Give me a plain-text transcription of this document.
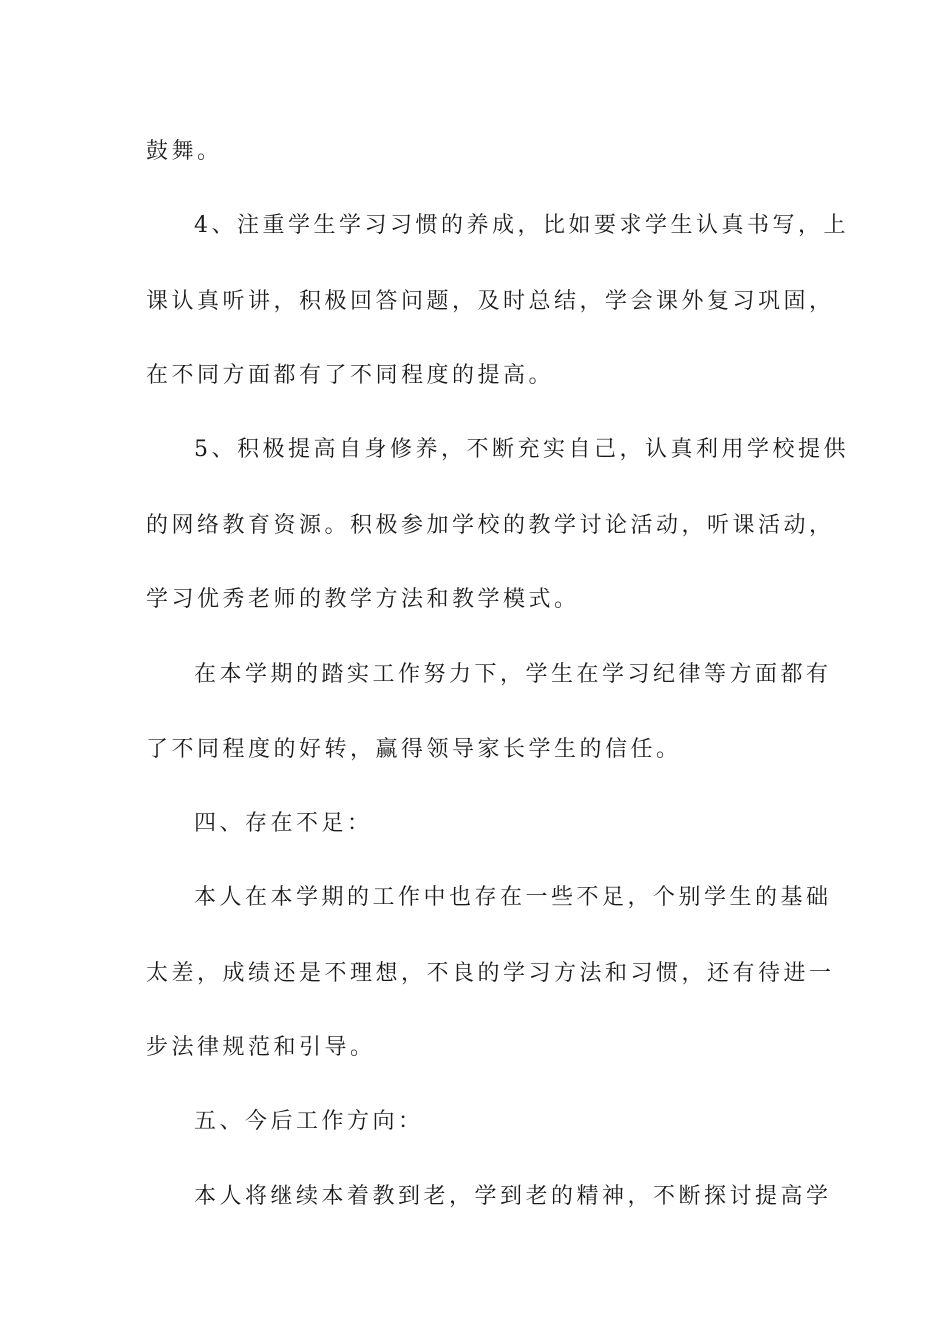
鼓舞。
4、注重学生学习习惯的养成，比如要求学生认真书写，上
课认真听讲，积极回答问题，及时总结，学会课外复习巩固，
在不同方面都有了不同程度的提高。
5、积极提高自身修养，不断充实自己，认真利用学校提供
的网络教育资源。积极参加学校的教学讨论活动，听课活动，
学习优秀老师的教学方法和教学模式。
在本学期的踏实工作努力下，学生在学习纪律等方面都有
了不同程度的好转，赢得领导家长学生的信任。
四、存在不足：
本人在本学期的工作中也存在一些不足，个别学生的基础
太差，成绩还是不理想，不良的学习方法和习惯，还有待进一
步法律规范和引导。
五、今后工作方向：
本人将继续本着教到老，学到老的精神，不断探讨提高学
